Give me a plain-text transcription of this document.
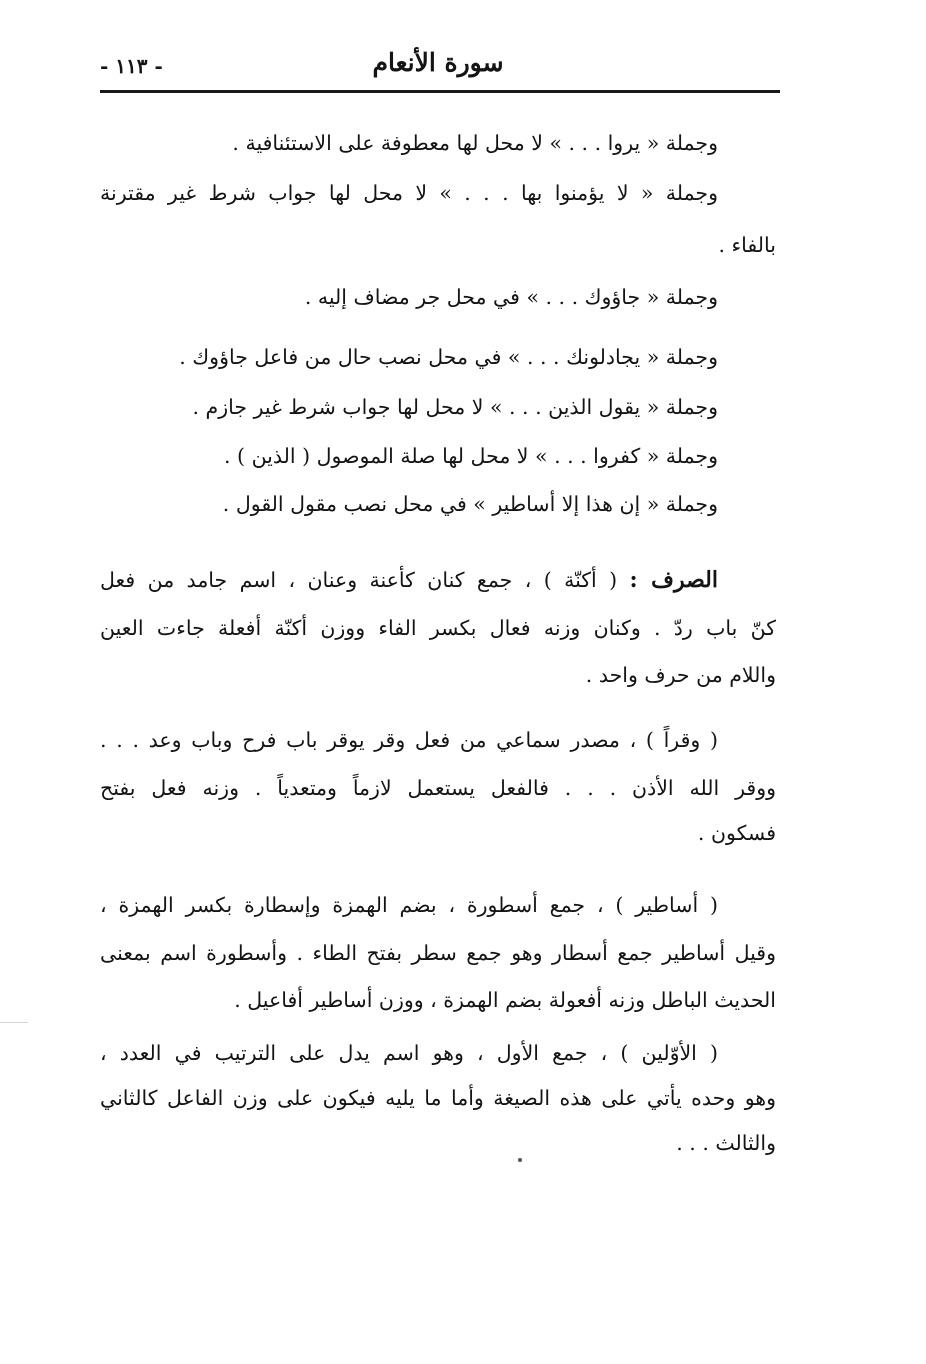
- ١١٣ -	سورة الأنعام
وجملة « يروا . . . » لا محل لها معطوفة على الاستئنافية .
وجملة « لا يؤمنوا بها . . . » لا محل لها جواب شرط غير مقترنة
بالفاء .
وجملة « جاؤوك . . . » في محل جر مضاف إليه .
وجملة « يجادلونك . . . » في محل نصب حال من فاعل جاؤوك .
وجملة « يقول الذين . . . » لا محل لها جواب شرط غير جازم .
وجملة « كفروا . . . » لا محل لها صلة الموصول ( الذين ) .
وجملة « إن هذا إلا أساطير » في محل نصب مقول القول .
الصرف : ( أكنّة ) ، جمع كنان كأعنة وعنان ، اسم جامد من فعل
كنّ باب ردّ . وكنان وزنه فعال بكسر الفاء ووزن أكنّة أفعلة جاءت العين
واللام من حرف واحد .
( وقراً ) ، مصدر سماعي من فعل وقر يوقر باب فرح وباب وعد . . .
ووقر الله الأذن . . . فالفعل يستعمل لازماً ومتعدياً . وزنه فعل بفتح
فسكون .
( أساطير ) ، جمع أسطورة ، بضم الهمزة وإسطارة بكسر الهمزة ،
وقيل أساطير جمع أسطار وهو جمع سطر بفتح الطاء . وأسطورة اسم بمعنى
الحديث الباطل وزنه أفعولة بضم الهمزة ، ووزن أساطير أفاعيل .
( الأوّلين ) ، جمع الأول ، وهو اسم يدل على الترتيب في العدد ،
وهو وحده يأتي على هذه الصيغة وأما ما يليه فيكون على وزن الفاعل كالثاني
والثالث . . .
